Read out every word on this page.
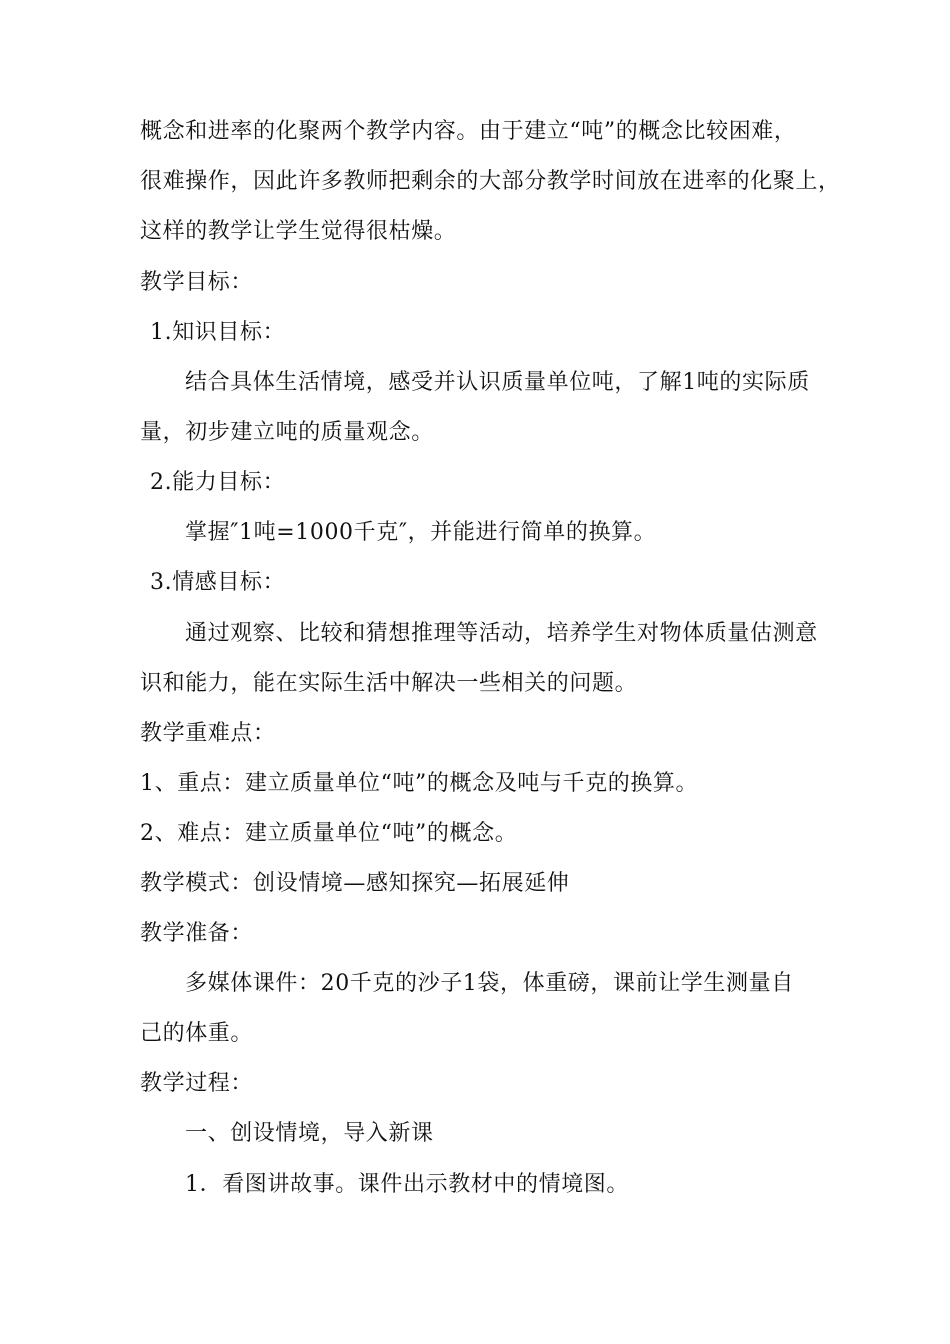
概念和进率的化聚两个教学内容。由于建立“吨”的概念比较困难，
很难操作，因此许多教师把剩余的大部分教学时间放在进率的化聚上，
这样的教学让学生觉得很枯燥。
教学目标：
1.知识目标：
结合具体生活情境，感受并认识质量单位吨，了解1吨的实际质
量，初步建立吨的质量观念。
2.能力目标：
掌握″1吨=1000千克″，并能进行简单的换算。
3.情感目标：
通过观察、比较和猜想推理等活动，培养学生对物体质量估测意
识和能力，能在实际生活中解决一些相关的问题。
教学重难点：
1、重点：建立质量单位“吨”的概念及吨与千克的换算。
2、难点：建立质量单位“吨”的概念。
教学模式：创设情境—感知探究—拓展延伸
教学准备：
多媒体课件：20千克的沙子1袋，体重磅，课前让学生测量自
己的体重。
教学过程：
一、创设情境，导入新课
1．看图讲故事。课件出示教材中的情境图。
